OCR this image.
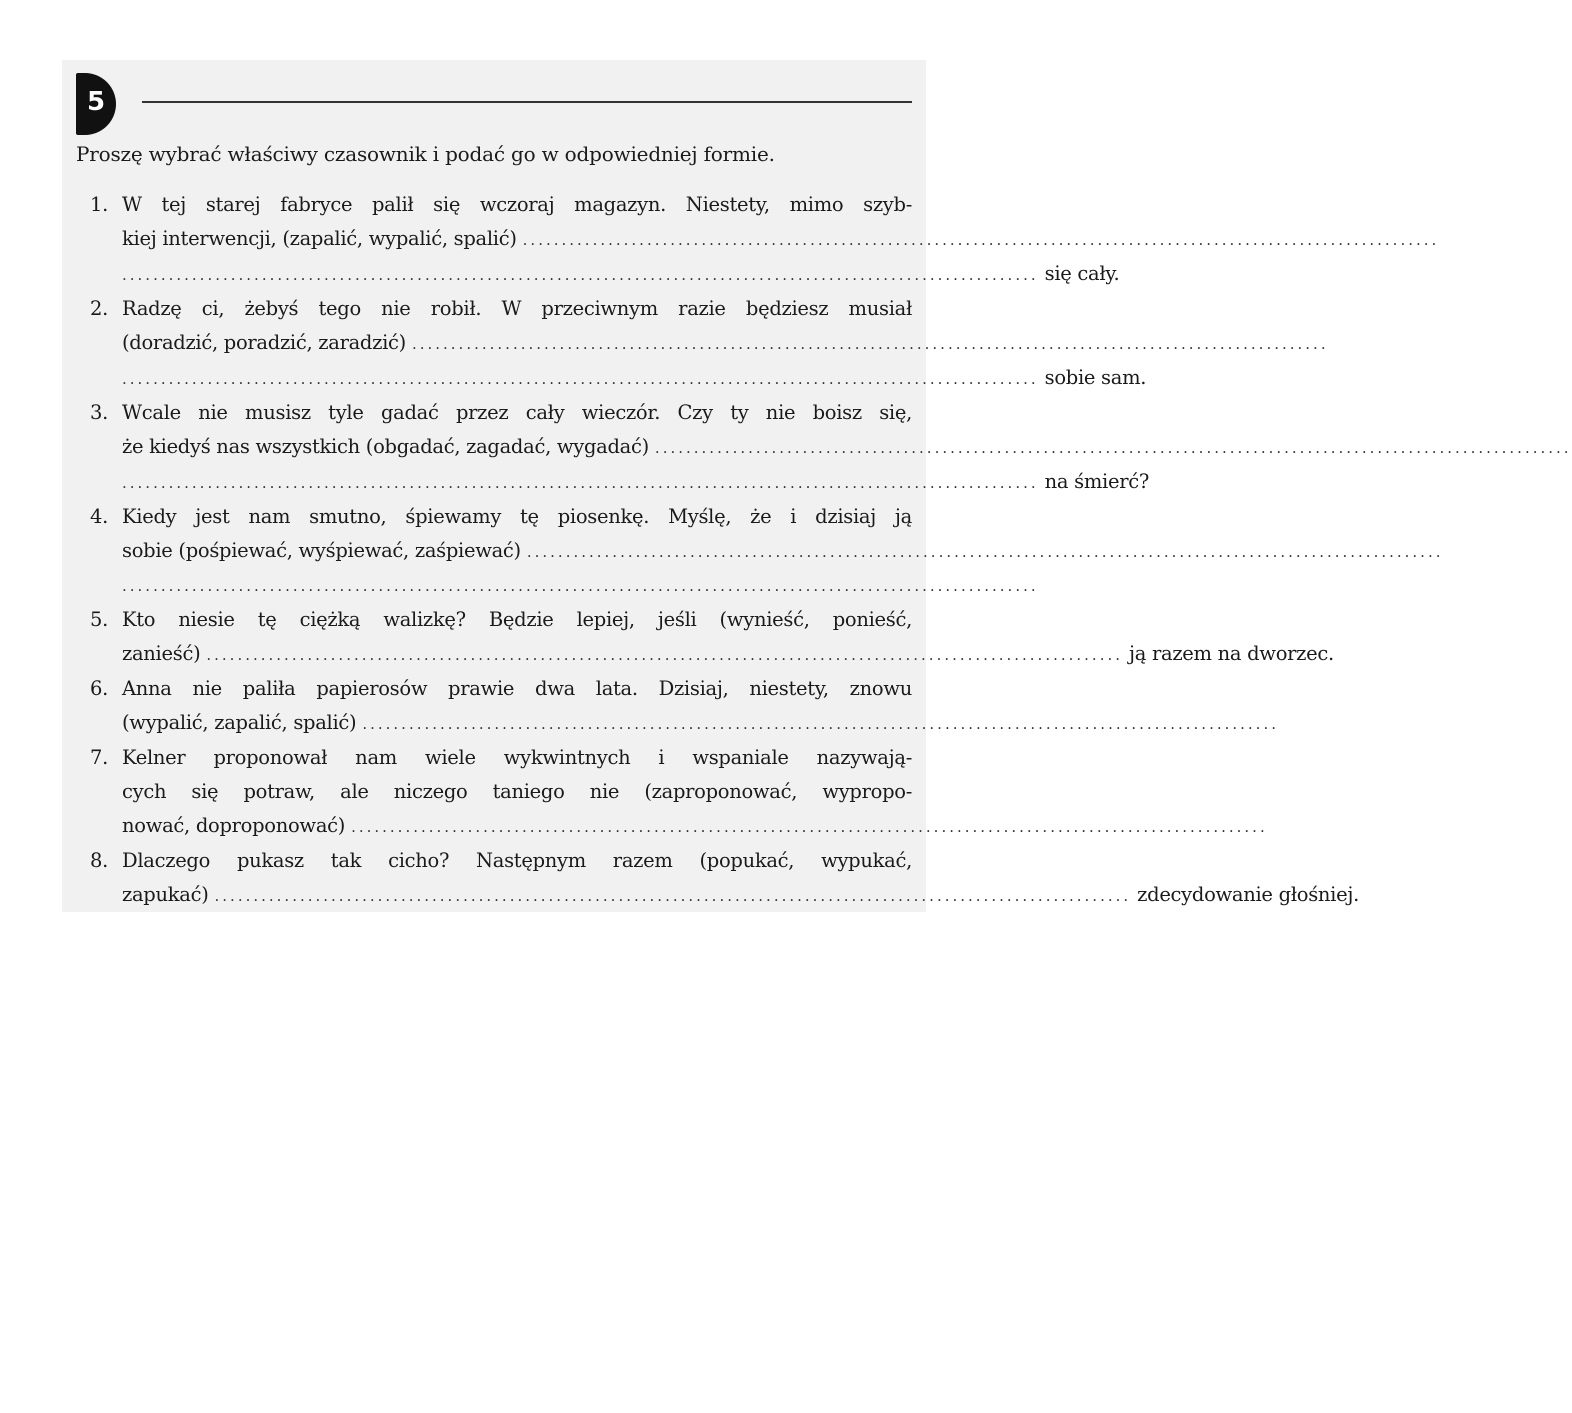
5
Proszę wybrać właściwy czasownik i podać go w odpowiedniej formie.
1. W tej starej fabryce palił się wczoraj magazyn. Niestety, mimo szyb-
kiej interwencji, (zapalić, wypalić, spalić) ......................................................................................................................
...................................................................................................................... się cały.
2. Radzę ci, żebyś tego nie robił. W przeciwnym razie będziesz musiał
(doradzić, poradzić, zaradzić) ......................................................................................................................
...................................................................................................................... sobie sam.
3. Wcale nie musisz tyle gadać przez cały wieczór. Czy ty nie boisz się,
że kiedyś nas wszystkich (obgadać, zagadać, wygadać) ......................................................................................................................
...................................................................................................................... na śmierć?
4. Kiedy jest nam smutno, śpiewamy tę piosenkę. Myślę, że i dzisiaj ją
sobie (pośpiewać, wyśpiewać, zaśpiewać) ......................................................................................................................
......................................................................................................................
5. Kto niesie tę ciężką walizkę? Będzie lepiej, jeśli (wynieść, ponieść,
zanieść) ...................................................................................................................... ją razem na dworzec.
6. Anna nie paliła papierosów prawie dwa lata. Dzisiaj, niestety, znowu
(wypalić, zapalić, spalić) ......................................................................................................................
7. Kelner proponował nam wiele wykwintnych i wspaniale nazywają-
cych się potraw, ale niczego taniego nie (zaproponować, wypropo-
nować, doproponować) ......................................................................................................................
8. Dlaczego pukasz tak cicho? Następnym razem (popukać, wypukać,
zapukać) ...................................................................................................................... zdecydowanie głośniej.
